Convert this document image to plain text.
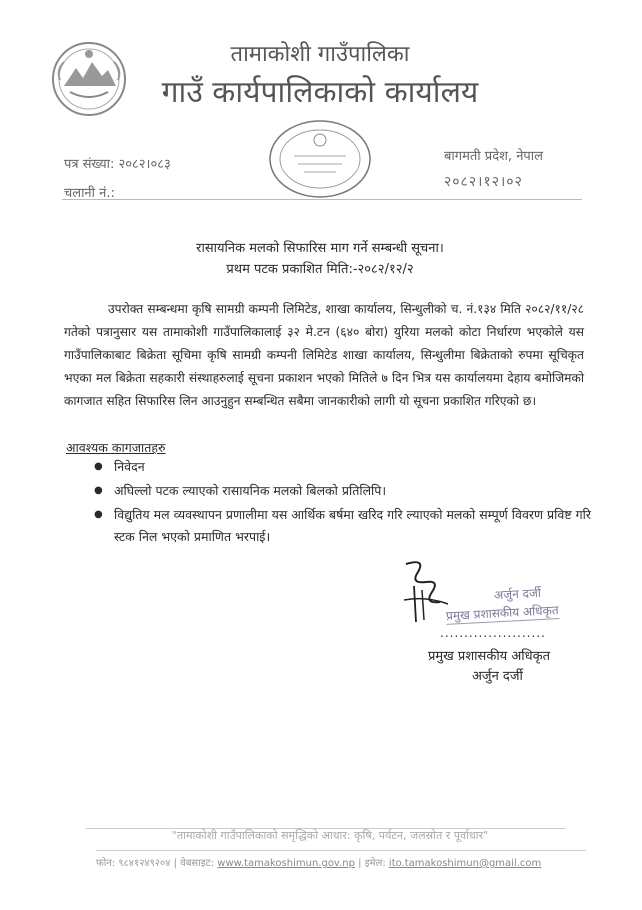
तामाकोशी गाउँपालिका
गाउँ कार्यपालिकाको कार्यालय
पत्र संख्या: २०८२।०८३
चलानी नं.:
बागमती प्रदेश, नेपाल
२०८२।१२।०२
रासायनिक मलको सिफारिस माग गर्ने सम्बन्धी सूचना।
प्रथम पटक प्रकाशित मिति:-२०८२/१२/२
उपरोक्त सम्बन्धमा कृषि सामग्री कम्पनी लिमिटेड, शाखा कार्यालय, सिन्धुलीको च. नं.१३४ मिति २०८२/११/२८ गतेको पत्रानुसार यस तामाकोशी गाउँपालिकालाई ३२ मे.टन (६४० बोरा) युरिया मलको कोटा निर्धारण भएकोले यस गाउँपालिकाबाट बिक्रेता सूचिमा कृषि सामग्री कम्पनी लिमिटेड शाखा कार्यालय, सिन्धुलीमा बिक्रेताको रुपमा सूचिकृत भएका मल बिक्रेता सहकारी संस्थाहरुलाई सूचना प्रकाशन भएको मितिले ७ दिन भित्र यस कार्यालयमा देहाय बमोजिमको कागजात सहित सिफारिस लिन आउनुहुन सम्बन्धित सबैमा जानकारीको लागी यो सूचना प्रकाशित गरिएको छ।
आवश्यक कागजातहरु
● निवेदन
● अघिल्लो पटक ल्याएको रासायनिक मलको बिलको प्रतिलिपि।
● विद्युतिय मल व्यवस्थापन प्रणालीमा यस आर्थिक बर्षमा खरिद गरि ल्याएको मलको सम्पूर्ण विवरण प्रविष्ट गरि स्टक निल भएको प्रमाणित भरपाई।
अर्जुन दर्जी
प्रमुख प्रशासकीय अधिकृत
......................
प्रमुख प्रशासकीय अधिकृत
अर्जुन दर्जी
"तामाकोशी गाउँपालिकाको समृद्धिको आधार: कृषि, पर्यटन, जलस्रोत र पूर्वाधार"
फोन: ९८४१२४९२०४ | वेबसाइट: www.tamakoshimun.gov.np | इमेल: ito.tamakoshimun@gmail.com
